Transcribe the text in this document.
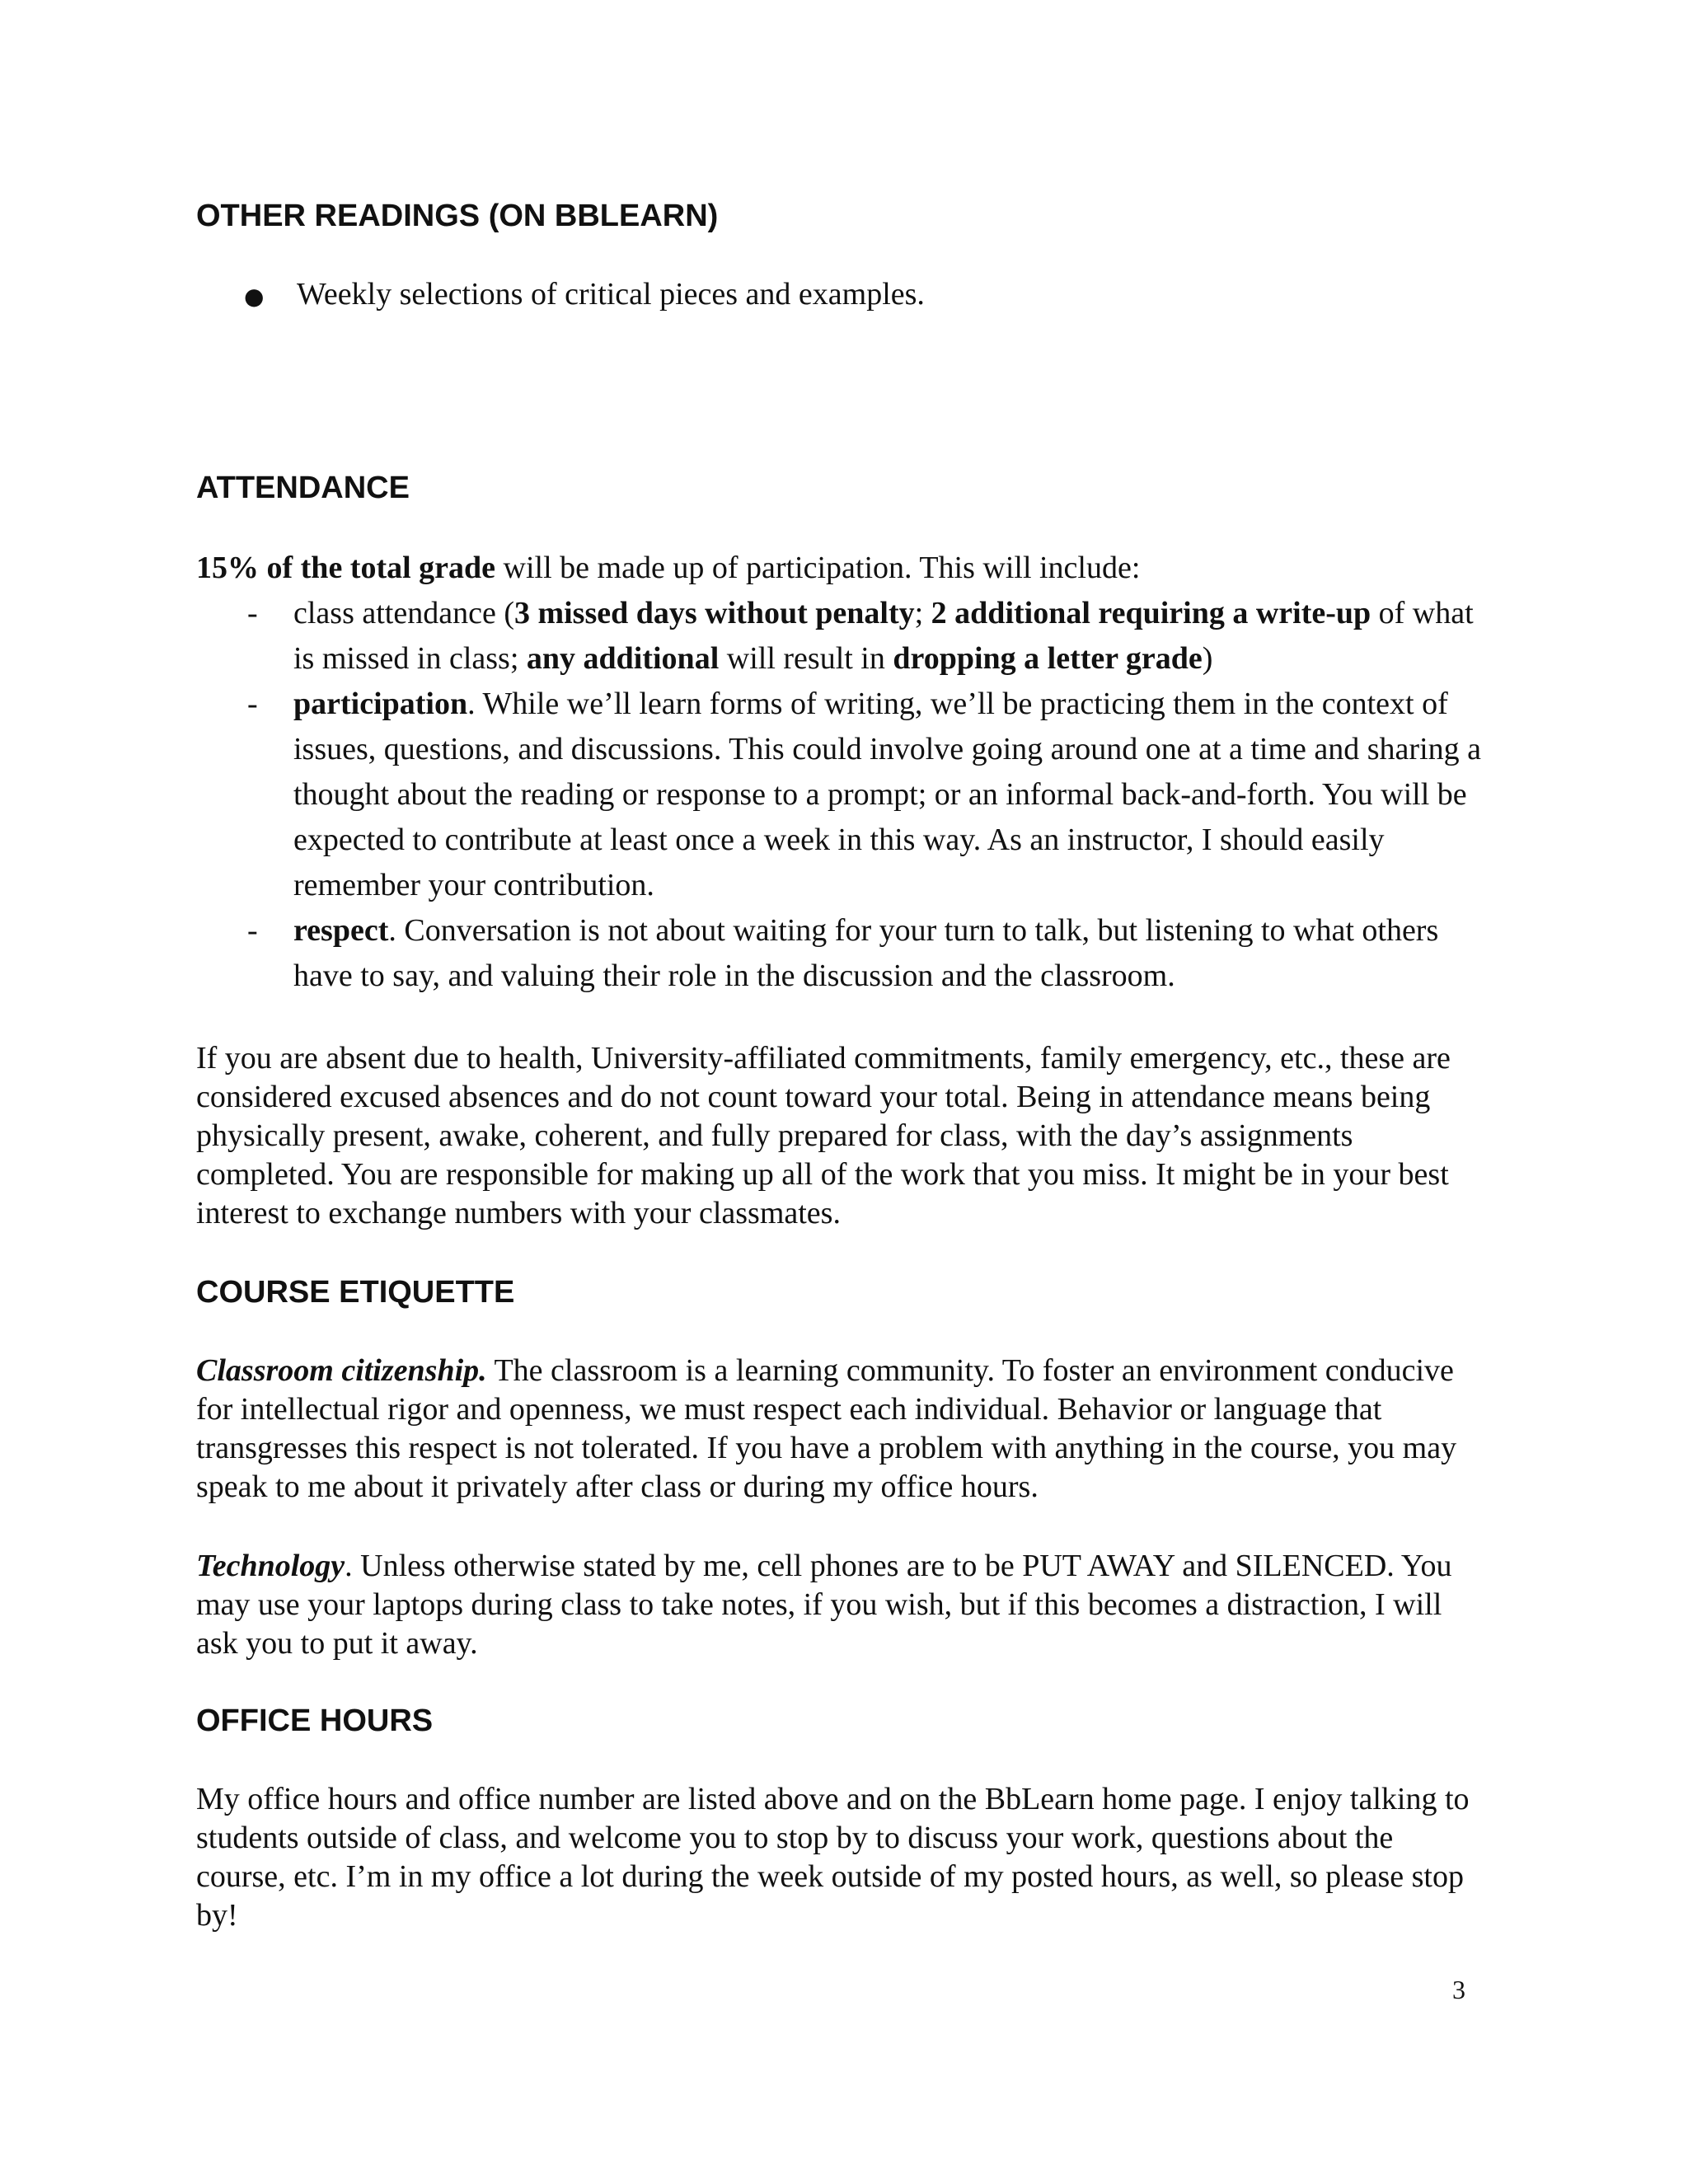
OTHER READINGS (ON BBLEARN)
●	Weekly selections of critical pieces and examples.
ATTENDANCE

15% of the total grade will be made up of participation. This will include:

-	class attendance (3 missed days without penalty; 2 additional requiring a write-up of what is missed in class; any additional will result in dropping a letter grade)
-	participation. While we’ll learn forms of writing, we’ll be practicing them in the context of issues, questions, and discussions. This could involve going around one at a time and sharing a thought about the reading or response to a prompt; or an informal back-and-forth. You will be expected to contribute at least once a week in this way. As an instructor, I should easily remember your contribution.
-	respect. Conversation is not about waiting for your turn to talk, but listening to what others have to say, and valuing their role in the discussion and the classroom.

If you are absent due to health, University-affiliated commitments, family emergency, etc., these are considered excused absences and do not count toward your total. Being in attendance means being physically present, awake, coherent, and fully prepared for class, with the day’s assignments completed. You are responsible for making up all of the work that you miss. It might be in your best interest to exchange numbers with your classmates.

COURSE ETIQUETTE

Classroom citizenship. The classroom is a learning community. To foster an environment conducive for intellectual rigor and openness, we must respect each individual. Behavior or language that transgresses this respect is not tolerated. If you have a problem with anything in the course, you may speak to me about it privately after class or during my office hours.

Technology. Unless otherwise stated by me, cell phones are to be PUT AWAY and SILENCED. You may use your laptops during class to take notes, if you wish, but if this becomes a distraction, I will ask you to put it away.

OFFICE HOURS

My office hours and office number are listed above and on the BbLearn home page. I enjoy talking to students outside of class, and welcome you to stop by to discuss your work, questions about the course, etc. I’m in my office a lot during the week outside of my posted hours, as well, so please stop by!

3
